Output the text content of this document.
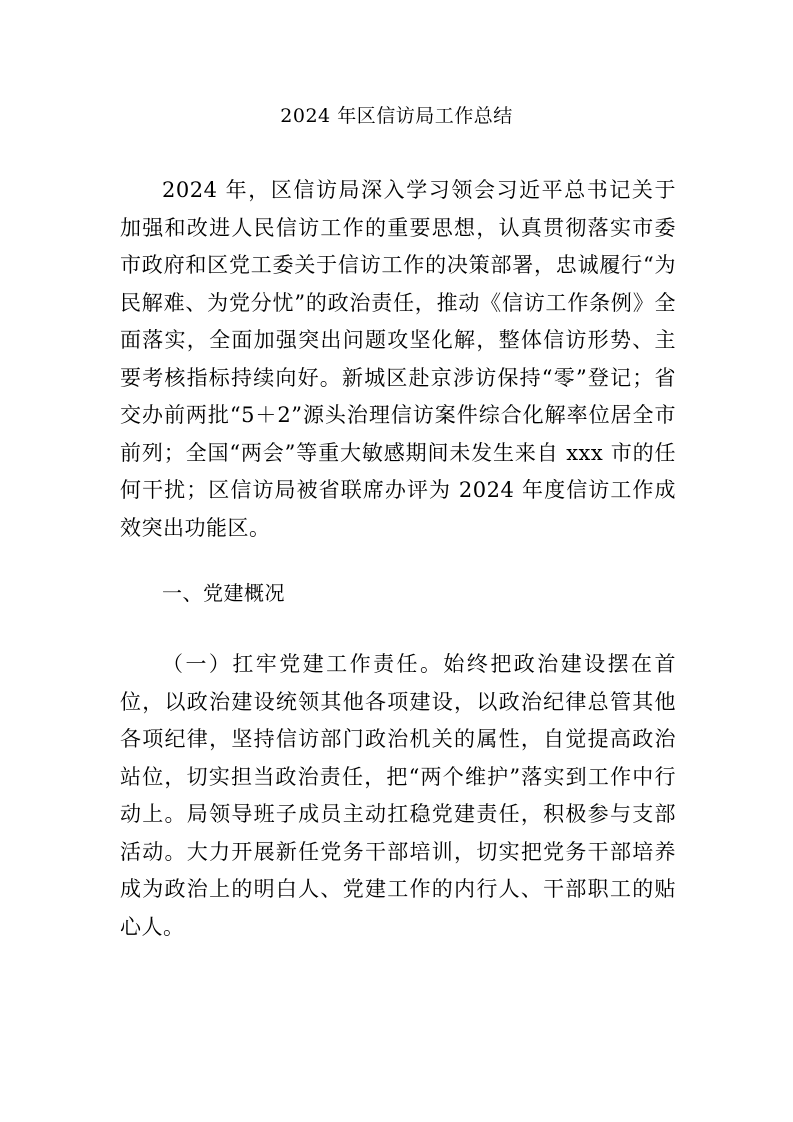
2024 年区信访局工作总结

2024 年，区信访局深入学习领会习近平总书记关于加强和改进人民信访工作的重要思想，认真贯彻落实市委市政府和区党工委关于信访工作的决策部署，忠诚履行“为民解难、为党分忧”的政治责任，推动《信访工作条例》全面落实，全面加强突出问题攻坚化解，整体信访形势、主要考核指标持续向好。新城区赴京涉访保持“零”登记；省交办前两批“5＋2”源头治理信访案件综合化解率位居全市前列；全国“两会”等重大敏感期间未发生来自 xxx 市的任何干扰；区信访局被省联席办评为 2024 年度信访工作成效突出功能区。

一、党建概况

（一）扛牢党建工作责任。始终把政治建设摆在首位，以政治建设统领其他各项建设，以政治纪律总管其他各项纪律，坚持信访部门政治机关的属性，自觉提高政治站位，切实担当政治责任，把“两个维护”落实到工作中行动上。局领导班子成员主动扛稳党建责任，积极参与支部活动。大力开展新任党务干部培训，切实把党务干部培养成为政治上的明白人、党建工作的内行人、干部职工的贴心人。
